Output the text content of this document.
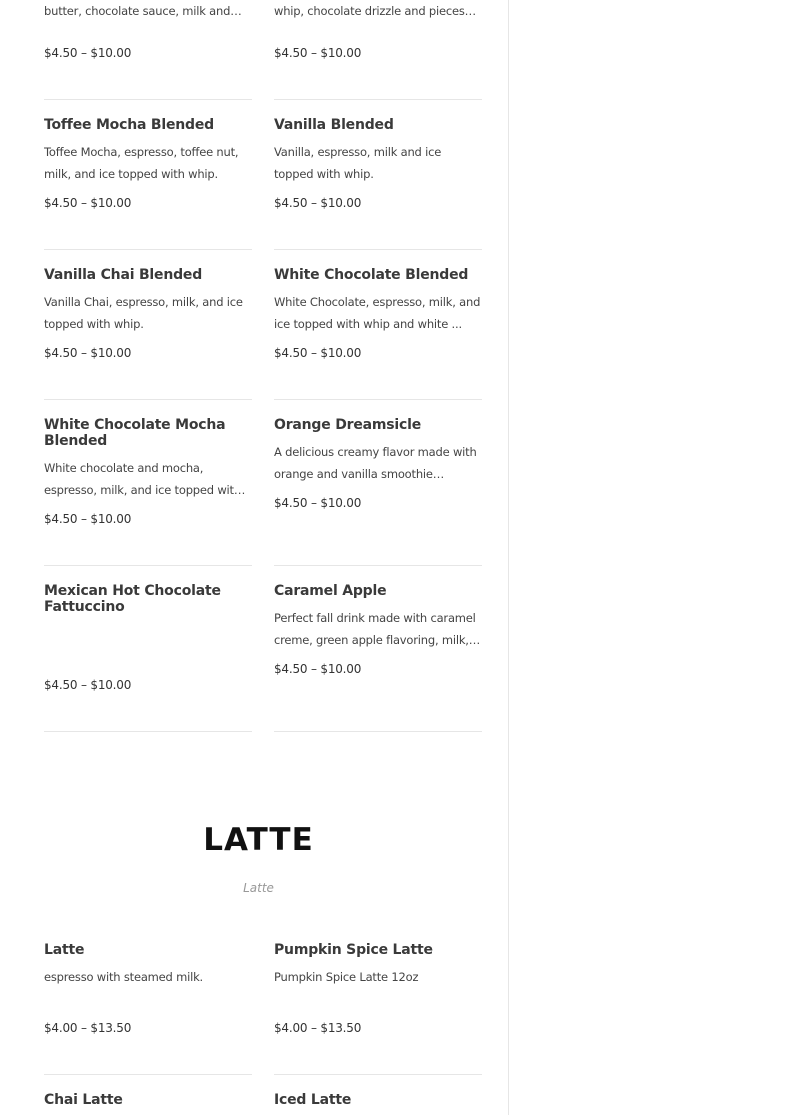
butter, chocolate sauce, milk and
$4.50 – $10.00
whip, chocolate drizzle and pieces
$4.50 – $10.00
Toffee Mocha Blended
Toffee Mocha, espresso, toffee nut, milk, and ice topped with whip.
$4.50 – $10.00
Vanilla Blended
Vanilla, espresso, milk and ice topped with whip.
$4.50 – $10.00
Vanilla Chai Blended
Vanilla Chai, espresso, milk, and ice topped with whip.
$4.50 – $10.00
White Chocolate Blended
White Chocolate, espresso, milk, and ice topped with whip and white ...
$4.50 – $10.00
White Chocolate Mocha Blended
White chocolate and mocha, espresso, milk, and ice topped with
$4.50 – $10.00
Orange Dreamsicle
A delicious creamy flavor made with orange and vanilla smoothie
$4.50 – $10.00
Mexican Hot Chocolate Fattuccino
$4.50 – $10.00
Caramel Apple
Perfect fall drink made with caramel creme, green apple flavoring, milk,
$4.50 – $10.00
LATTE
Latte
Latte
espresso with steamed milk.
$4.00 – $13.50
Pumpkin Spice Latte
Pumpkin Spice Latte 12oz
$4.00 – $13.50
Chai Latte	Iced Latte
